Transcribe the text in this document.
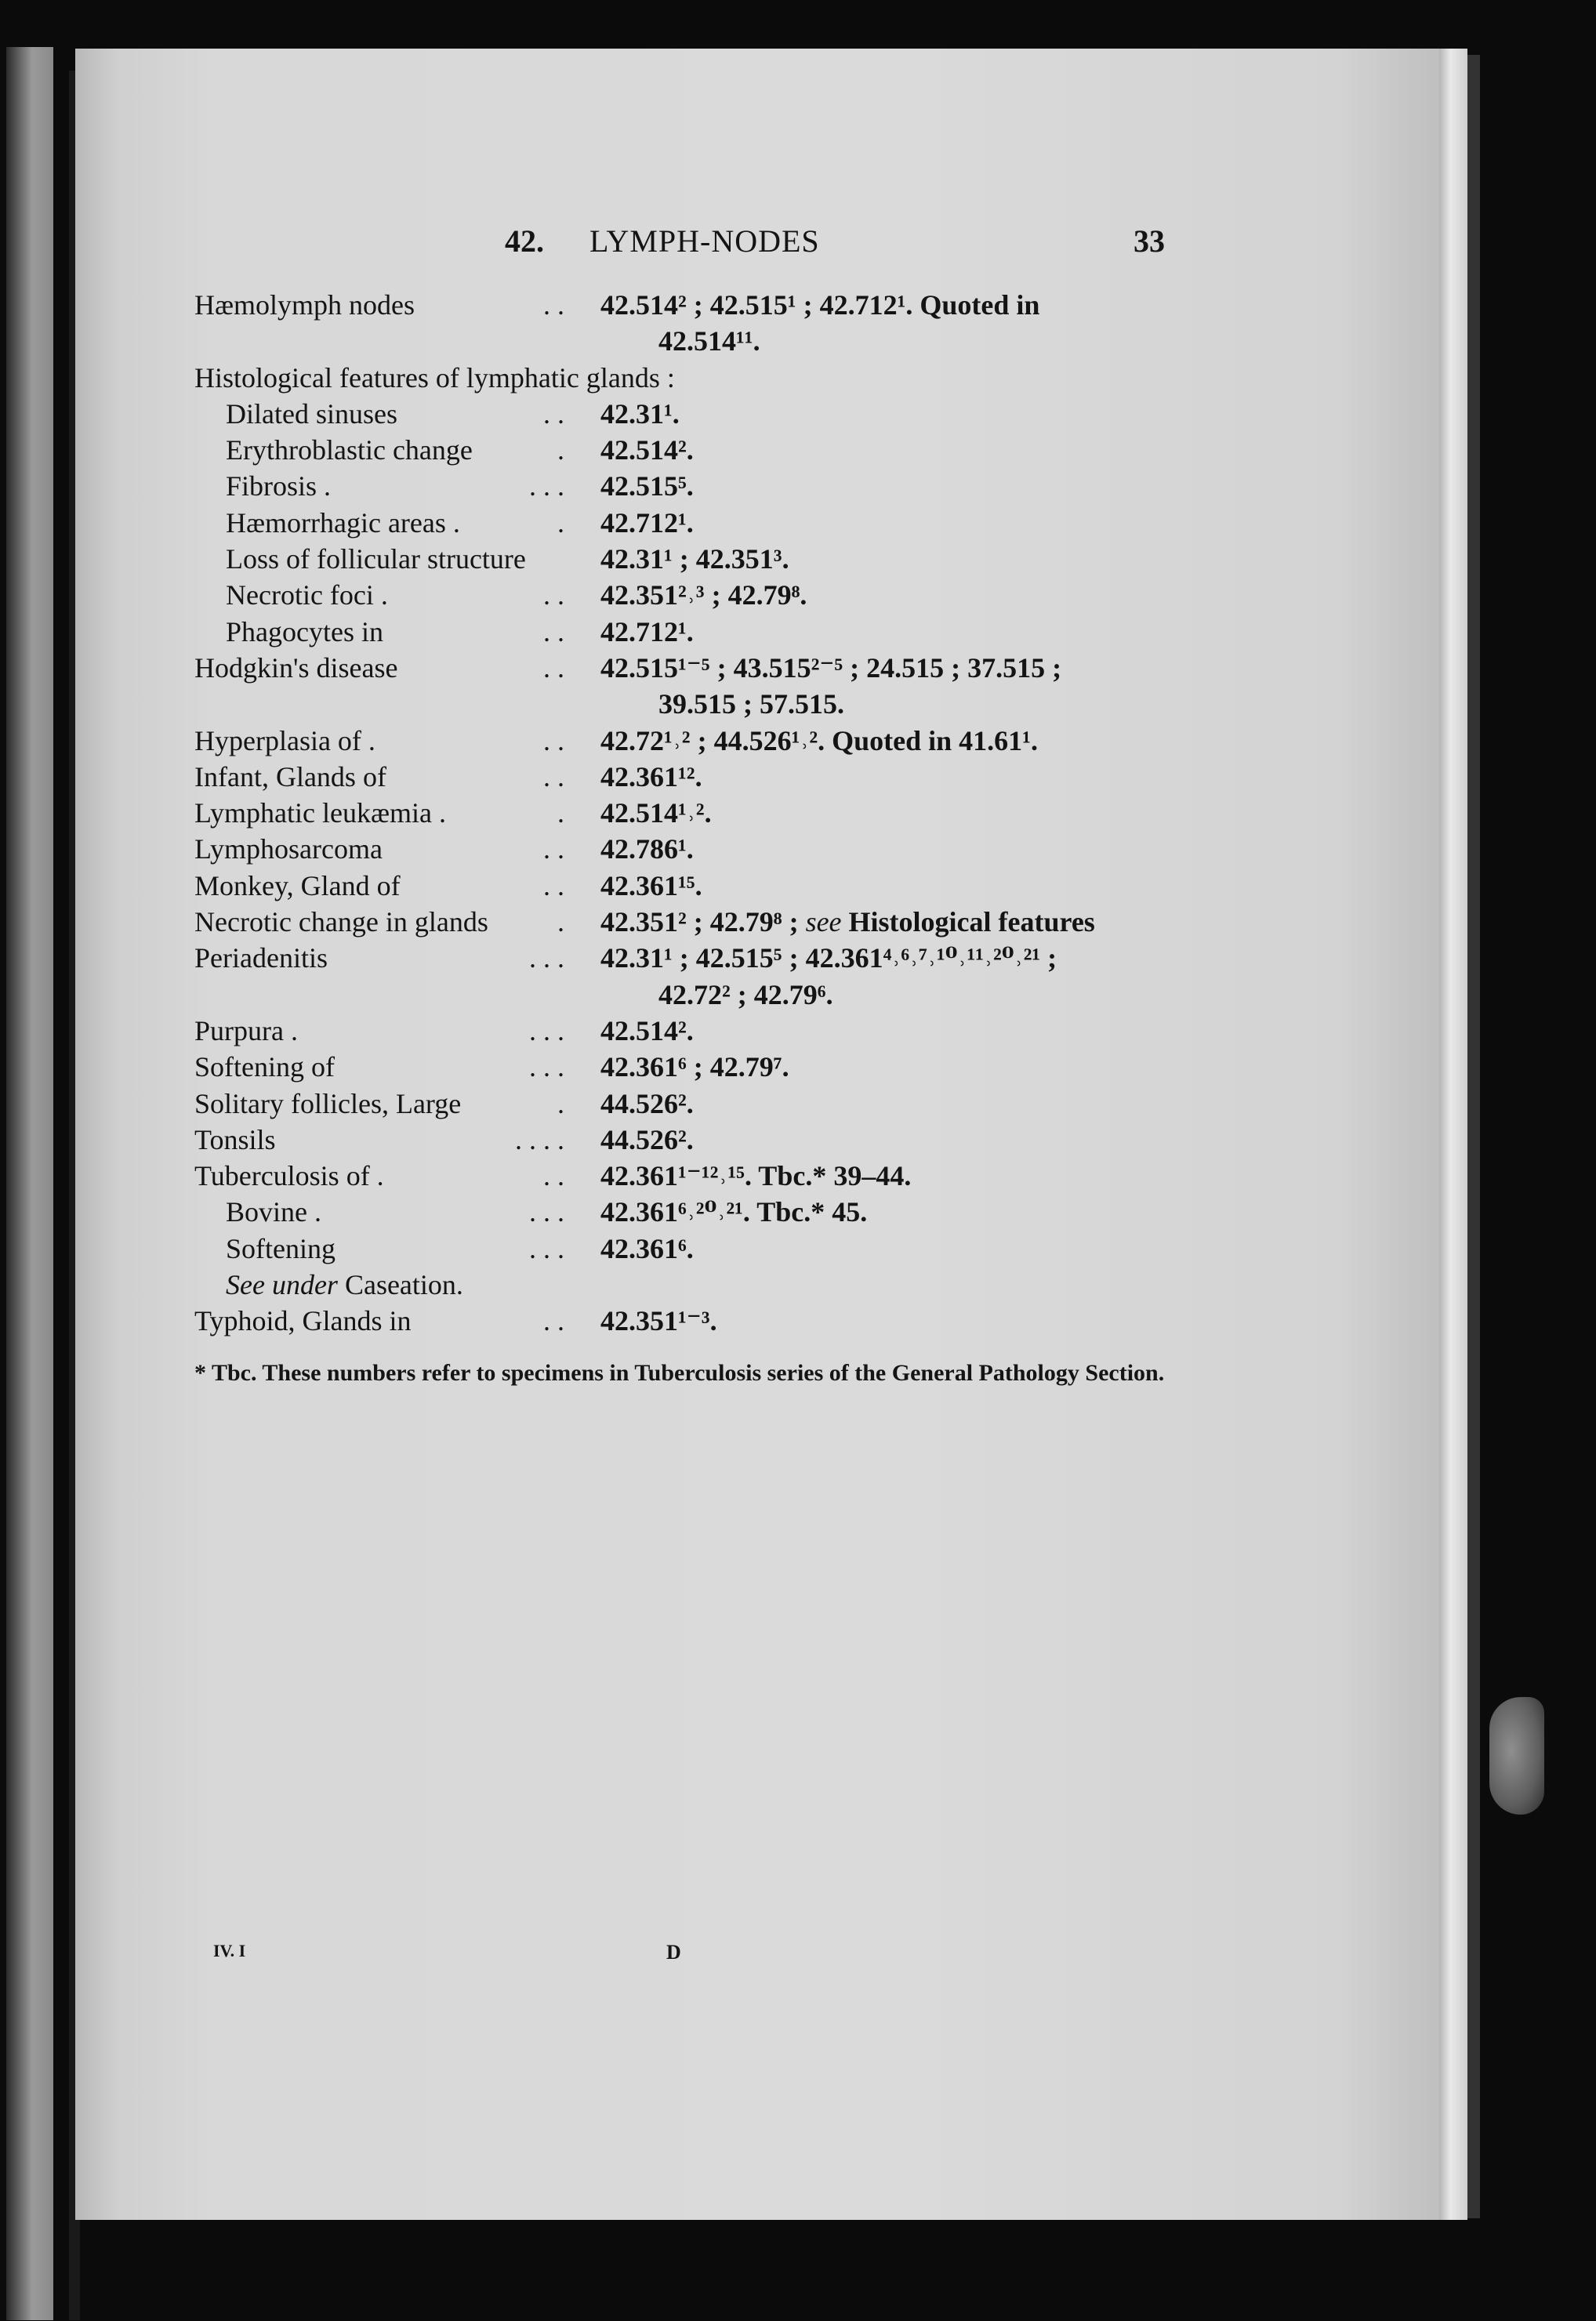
42. LYMPH-NODES	33
Hæmolymph nodes	. . 42.514² ; 42.515¹ ; 42.712¹. Quoted in
42.514¹¹.
Histological features of lymphatic glands :
Dilated sinuses	. . 42.31¹.
Erythroblastic change	. 42.514².
Fibrosis .	. . . 42.515⁵.
Hæmorrhagic areas .	. 42.712¹.
Loss of follicular structure	42.31¹ ; 42.351³.
Necrotic foci .	. . 42.351²˒³ ; 42.79⁸.
Phagocytes in	. . 42.712¹.
Hodgkin's disease	. . 42.515¹⁻⁵ ; 43.515²⁻⁵ ; 24.515 ; 37.515 ;
39.515 ; 57.515.
Hyperplasia of .	. . 42.72¹˒² ; 44.526¹˒². Quoted in 41.61¹.
Infant, Glands of	. . 42.361¹².
Lymphatic leukæmia .	. 42.514¹˒².
Lymphosarcoma	. . 42.786¹.
Monkey, Gland of	. . 42.361¹⁵.
Necrotic change in glands . 42.351² ; 42.79⁸ ; see Histological features
Periadenitis	. . . 42.31¹ ; 42.515⁵ ; 42.361⁴˒⁶˒⁷˒¹⁰˒¹¹˒²⁰˒²¹ ;
42.72² ; 42.79⁶.
Purpura .	. . . 42.514².
Softening of	. . . 42.361⁶ ; 42.79⁷.
Solitary follicles, Large	. 44.526².
Tonsils	. . . . 44.526².
Tuberculosis of .	. . 42.361¹⁻¹²˒¹⁵. Tbc.* 39–44.
Bovine .	. . . 42.361⁶˒²⁰˒²¹. Tbc.* 45.
Softening	. . . 42.361⁶.
See under Caseation.
Typhoid, Glands in	. . 42.351¹⁻³.
* Tbc. These numbers refer to specimens in Tuberculosis series of the General Pathology Section.
IV. I	D
